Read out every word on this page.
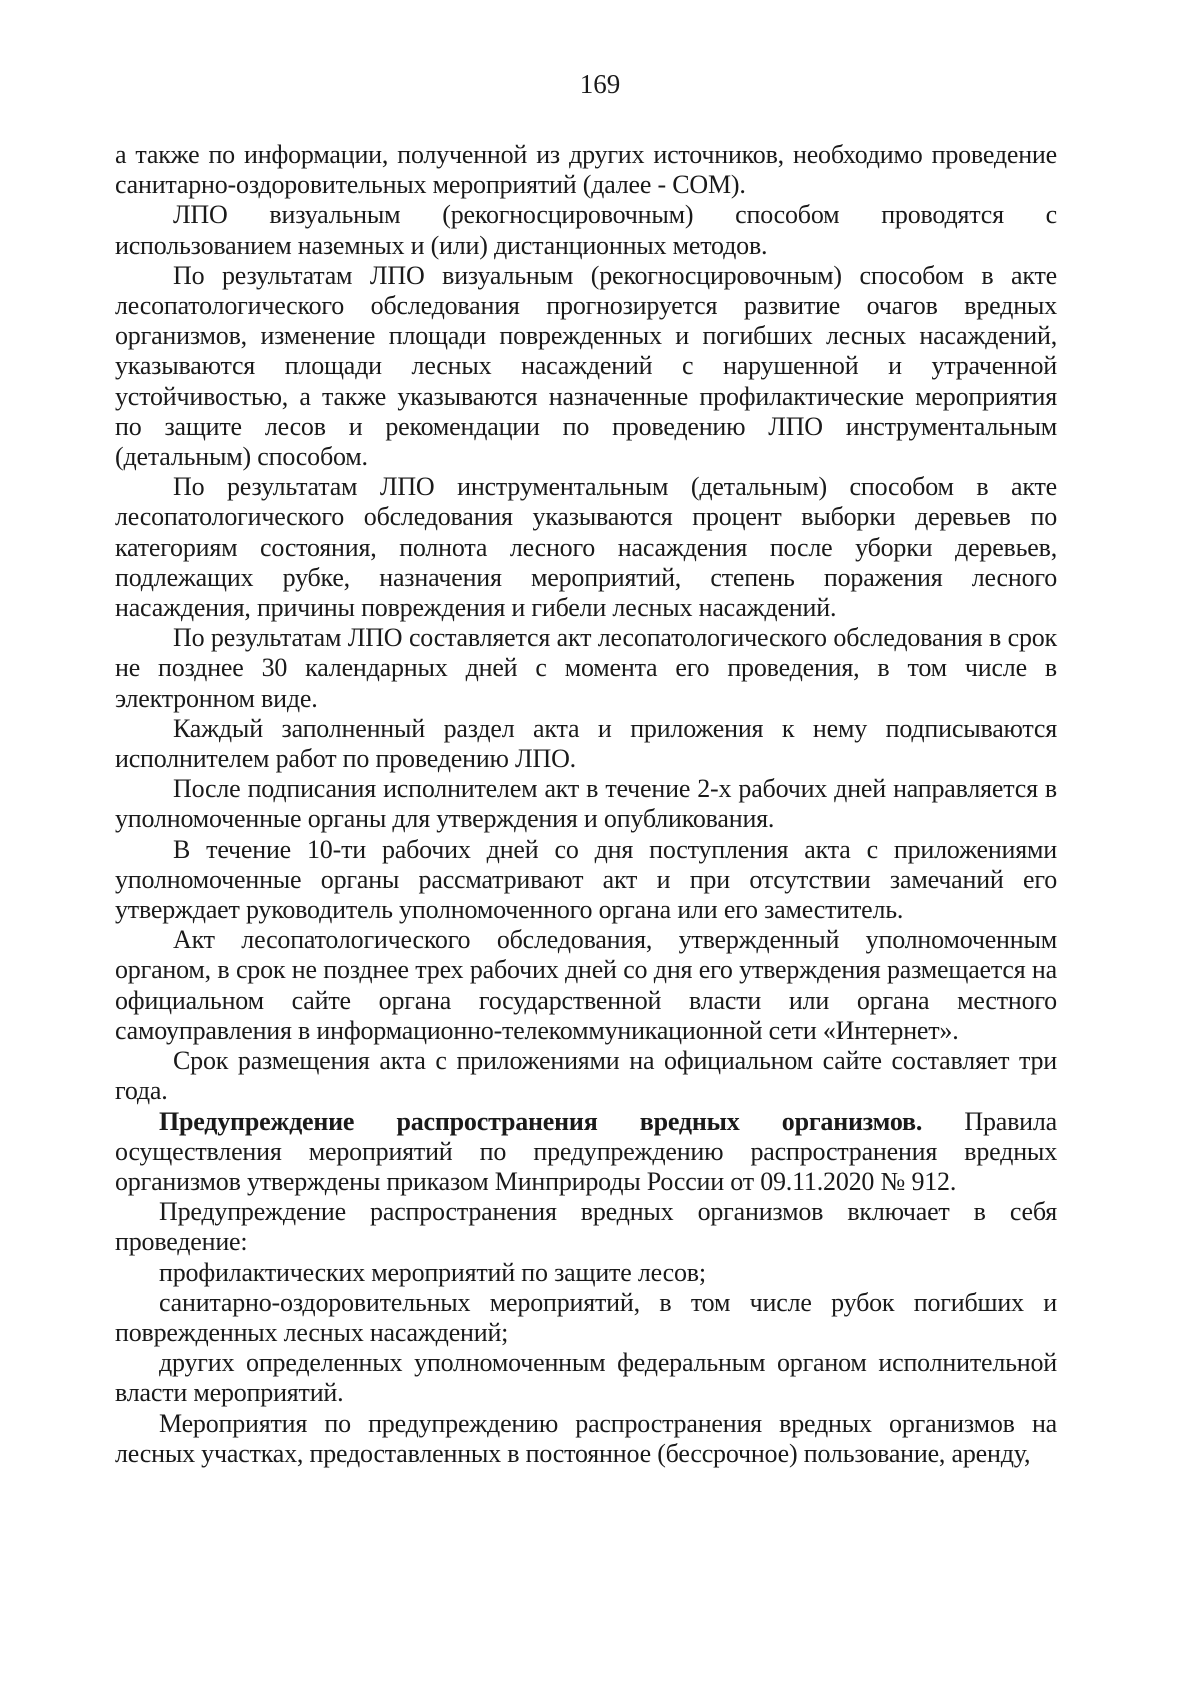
169

а также по информации, полученной из других источников, необходимо проведение санитарно-оздоровительных мероприятий (далее - СОМ).

ЛПО визуальным (рекогносцировочным) способом проводятся с использованием наземных и (или) дистанционных методов.

По результатам ЛПО визуальным (рекогносцировочным) способом в акте лесопатологического обследования прогнозируется развитие очагов вредных организмов, изменение площади поврежденных и погибших лесных насаждений, указываются площади лесных насаждений с нарушенной и утраченной устойчивостью, а также указываются назначенные профилактические мероприятия по защите лесов и рекомендации по проведению ЛПО инструментальным (детальным) способом.

По результатам ЛПО инструментальным (детальным) способом в акте лесопатологического обследования указываются процент выборки деревьев по категориям состояния, полнота лесного насаждения после уборки деревьев, подлежащих рубке, назначения мероприятий, степень поражения лесного насаждения, причины повреждения и гибели лесных насаждений.

По результатам ЛПО составляется акт лесопатологического обследования в срок не позднее 30 календарных дней с момента его проведения, в том числе в электронном виде.

Каждый заполненный раздел акта и приложения к нему подписываются исполнителем работ по проведению ЛПО.

После подписания исполнителем акт в течение 2-х рабочих дней направляется в уполномоченные органы для утверждения и опубликования.

В течение 10-ти рабочих дней со дня поступления акта с приложениями уполномоченные органы рассматривают акт и при отсутствии замечаний его утверждает руководитель уполномоченного органа или его заместитель.

Акт лесопатологического обследования, утвержденный уполномоченным органом, в срок не позднее трех рабочих дней со дня его утверждения размещается на официальном сайте органа государственной власти или органа местного самоуправления в информационно-телекоммуникационной сети «Интернет».

Срок размещения акта с приложениями на официальном сайте составляет три года.

Предупреждение распространения вредных организмов. Правила осуществления мероприятий по предупреждению распространения вредных организмов утверждены приказом Минприроды России от 09.11.2020 № 912.

Предупреждение распространения вредных организмов включает в себя проведение:

профилактических мероприятий по защите лесов;

санитарно-оздоровительных мероприятий, в том числе рубок погибших и поврежденных лесных насаждений;

других определенных уполномоченным федеральным органом исполнительной власти мероприятий.

Мероприятия по предупреждению распространения вредных организмов на лесных участках, предоставленных в постоянное (бессрочное) пользование, аренду,
